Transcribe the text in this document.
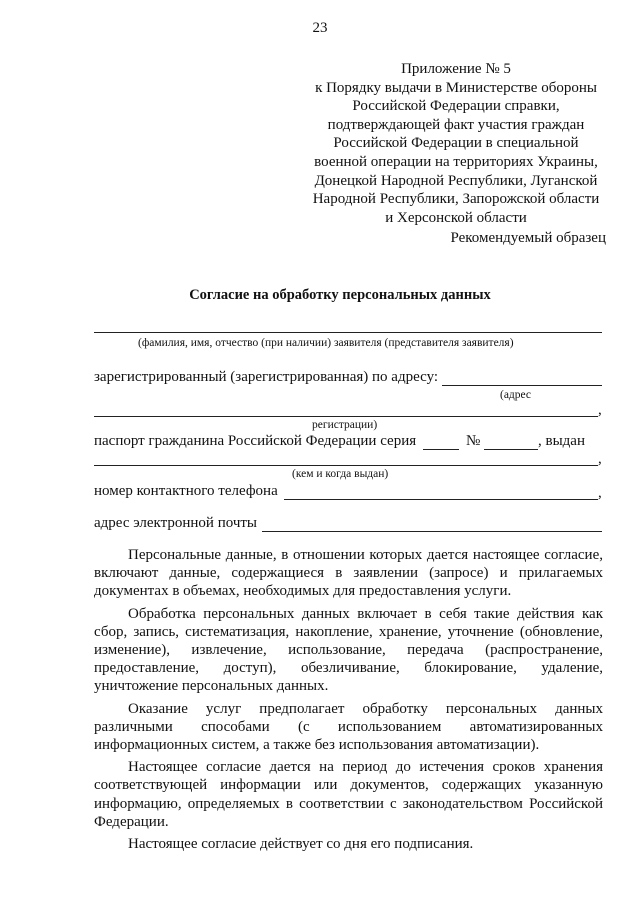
23
Приложение № 5
к Порядку выдачи в Министерстве обороны
Российской Федерации справки,
подтверждающей факт участия граждан
Российской Федерации в специальной
военной операции на территориях Украины,
Донецкой Народной Республики, Луганской
Народной Республики, Запорожской области
и Херсонской области
Рекомендуемый образец
Согласие на обработку персональных данных
(фамилия, имя, отчество (при наличии) заявителя (представителя заявителя)
зарегистрированный (зарегистрированная) по адресу:
(адрес
,
регистрации)
паспорт гражданина Российской Федерации серия	№	, выдан
,
(кем и когда выдан)
номер контактного телефона	,
адрес электронной почты

Персональные данные, в отношении которых дается настоящее согласие, включают данные, содержащиеся в заявлении (запросе) и прилагаемых документах в объемах, необходимых для предоставления услуги.

Обработка персональных данных включает в себя такие действия как сбор, запись, систематизация, накопление, хранение, уточнение (обновление, изменение), извлечение, использование, передача (распространение, предоставление, доступ), обезличивание, блокирование, удаление, уничтожение персональных данных.

Оказание услуг предполагает обработку персональных данных различными способами (с использованием автоматизированных информационных систем, а также без использования автоматизации).

Настоящее согласие дается на период до истечения сроков хранения соответствующей информации или документов, содержащих указанную информацию, определяемых в соответствии с законодательством Российской Федерации.

Настоящее согласие действует со дня его подписания.
